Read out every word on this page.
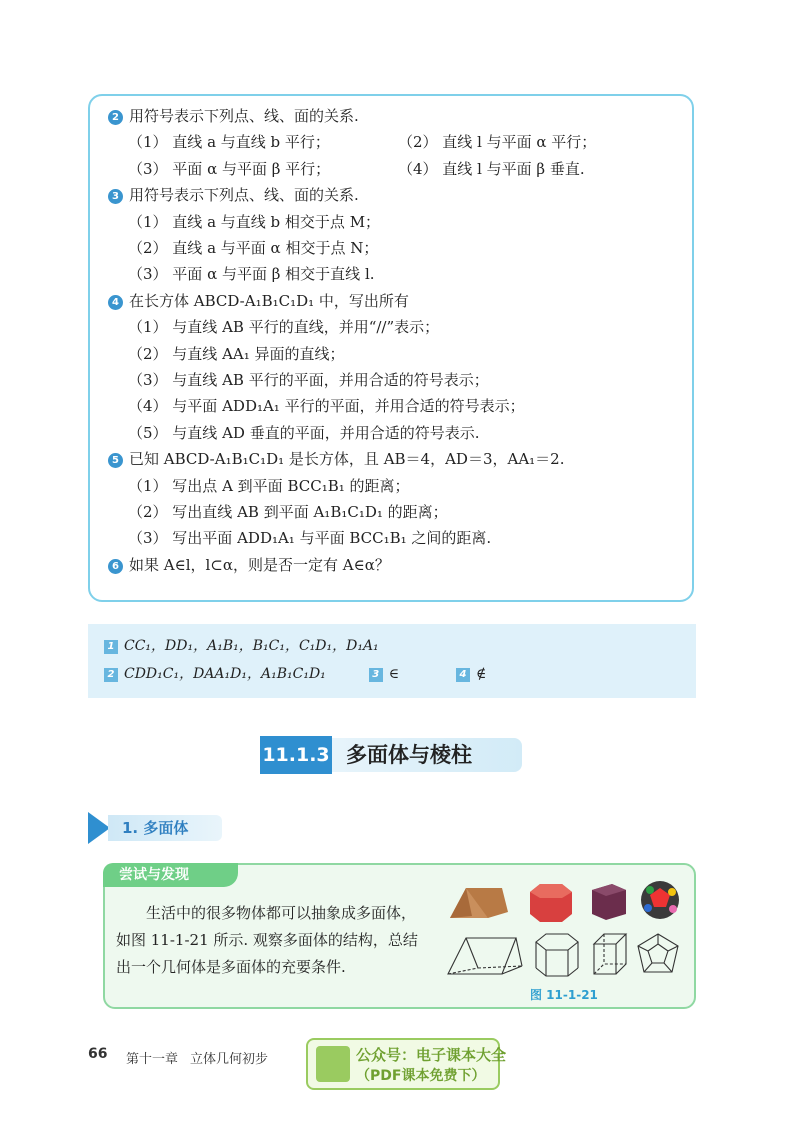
2 用符号表示下列点、线、面的关系.
（1） 直线 a 与直线 b 平行；	（2） 直线 l 与平面 α 平行；
（3） 平面 α 与平面 β 平行；	（4） 直线 l 与平面 β 垂直.
3 用符号表示下列点、线、面的关系.
（1） 直线 a 与直线 b 相交于点 M；
（2） 直线 a 与平面 α 相交于点 N；
（3） 平面 α 与平面 β 相交于直线 l.
4 在长方体 ABCD-A₁B₁C₁D₁ 中，写出所有
（1） 与直线 AB 平行的直线，并用“//”表示；
（2） 与直线 AA₁ 异面的直线；
（3） 与直线 AB 平行的平面，并用合适的符号表示；
（4） 与平面 ADD₁A₁ 平行的平面，并用合适的符号表示；
（5） 与直线 AD 垂直的平面，并用合适的符号表示.
5 已知 ABCD-A₁B₁C₁D₁ 是长方体，且 AB＝4，AD＝3，AA₁＝2.
（1） 写出点 A 到平面 BCC₁B₁ 的距离；
（2） 写出直线 AB 到平面 A₁B₁C₁D₁ 的距离；
（3） 写出平面 ADD₁A₁ 与平面 BCC₁B₁ 之间的距离.
6 如果 A∈l，l⊂α，则是否一定有 A∈α？
1 CC₁，DD₁，A₁B₁，B₁C₁，C₁D₁，D₁A₁
2 CDD₁C₁，DAA₁D₁，A₁B₁C₁D₁	3 ∈	4 ∉
11.1.3 多面体与棱柱
1. 多面体
尝试与发现
生活中的很多物体都可以抽象成多面体，
如图 11-1-21 所示. 观察多面体的结构，总结
出一个几何体是多面体的充要条件.
图 11-1-21
66 第十一章 立体几何初步	公众号：电子课本大全
（PDF课本免费下）
